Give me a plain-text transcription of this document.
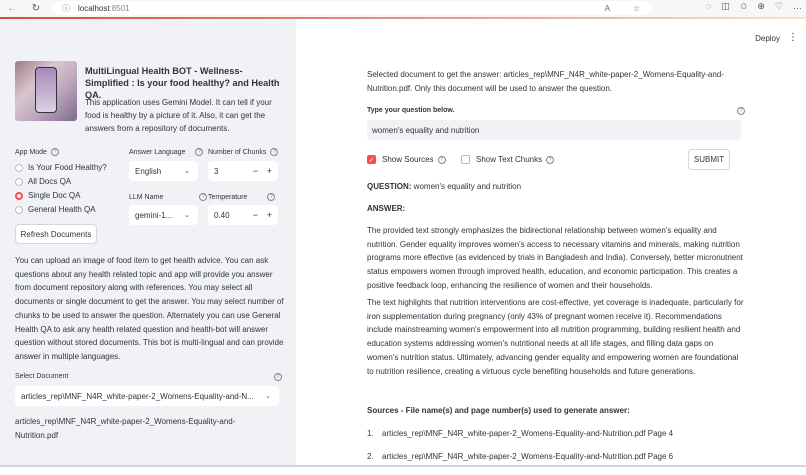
← ↻	ⓘ localhost :8501	A	☆	◌ ◫ ✩ ⊕ ♡ …
MultiLingual Health BOT - Wellness-Simplified : Is your food healthy? and Health QA.
This application uses Gemini Model. It can tell if your food is healthy by a picture of it. Also, it can get the answers from a repository of documents.
App Mode ?
Is Your Food Healthy?
All Docs QA
Single Doc QA
General Health QA
Answer Language ?
English	⌄
Number of Chunks ?
3	− +
LLM Name	?
gemini-1... ⌄
Temperature	?
0.40	− +
Refresh Documents
You can upload an image of food item to get health advice. You can ask questions about any health related topic and app will provide you answer from document repository along with references. You may select all documents or single document to get the answer. You may select number of chunks to be used to answer the question. Alternately you can use General Health QA to ask any health related question and health-bot will answer question without stored documents. This bot is multi-lingual and can provide answer in multiple languages.
Select Document	?
articles_rep\MNF_N4R_white-paper-2_Womens-Equality-and-N... ⌄
articles_rep\MNF_N4R_white-paper-2_Womens-Equality-and-Nutrition.pdf
Deploy ⋮
Selected document to get the answer: articles_rep\MNF_N4R_white-paper-2_Womens-Equality-and-Nutrition.pdf. Only this document will be used to answer the question.
Type your question below.	?
women's equality and nutrition
✓ Show Sources	?	Show Text Chunks	?	SUBMIT
QUESTION: women's equality and nutrition
ANSWER:
The provided text strongly emphasizes the bidirectional relationship between women's equality and nutrition. Gender equality improves women's access to necessary vitamins and minerals, making nutrition programs more effective (as evidenced by trials in Bangladesh and India). Conversely, better micronutrient status empowers women through improved health, education, and economic participation. This creates a positive feedback loop, enhancing the resilience of women and their households.
The text highlights that nutrition interventions are cost-effective, yet coverage is inadequate, particularly for iron supplementation during pregnancy (only 43% of pregnant women receive it). Recommendations include mainstreaming women's empowerment into all nutrition programming, building resilient health and education systems addressing women's nutritional needs at all life stages, and filling data gaps on women's nutrition status. Ultimately, advancing gender equality and empowering women are foundational to nutrition resilience, creating a virtuous cycle benefiting households and future generations.
Sources - File name(s) and page number(s) used to generate answer:
1.	articles_rep\MNF_N4R_white-paper-2_Womens-Equality-and-Nutrition.pdf Page 4
2.	articles_rep\MNF_N4R_white-paper-2_Womens-Equality-and-Nutrition.pdf Page 6
